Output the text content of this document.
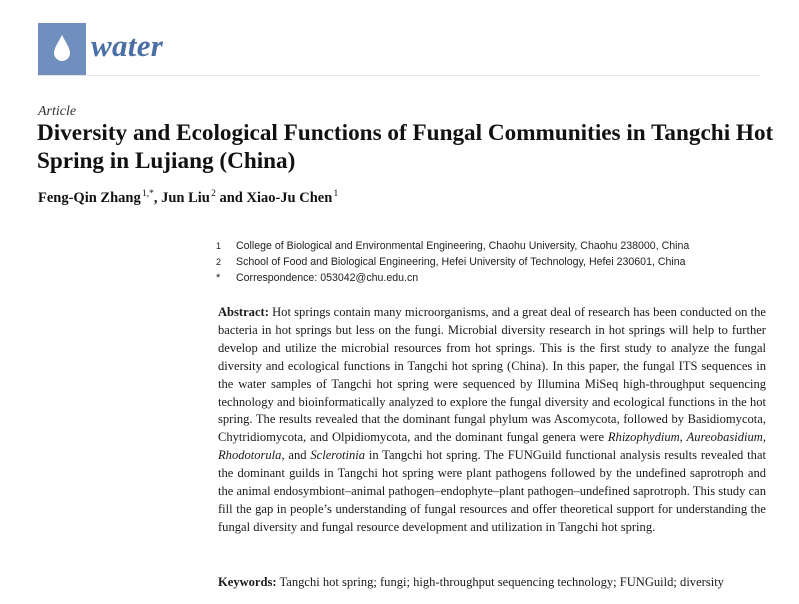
water
Article
Diversity and Ecological Functions of Fungal Communities in Tangchi Hot Spring in Lujiang (China)
Feng-Qin Zhang $^{1,*}$, Jun Liu $^2$ and Xiao-Ju Chen $^1$
1	College of Biological and Environmental Engineering, Chaohu University, Chaohu 238000, China
2	School of Food and Biological Engineering, Hefei University of Technology, Hefei 230601, China
*	Correspondence: 053042@chu.edu.cn
Abstract: Hot springs contain many microorganisms, and a great deal of research has been conducted on the bacteria in hot springs but less on the fungi. Microbial diversity research in hot springs will help to further develop and utilize the microbial resources from hot springs. This is the first study to analyze the fungal diversity and ecological functions in Tangchi hot spring (China). In this paper, the fungal ITS sequences in the water samples of Tangchi hot spring were sequenced by Illumina MiSeq high-throughput sequencing technology and bioinformatically analyzed to explore the fungal diversity and ecological functions in the hot spring. The results revealed that the dominant fungal phylum was Ascomycota, followed by Basidiomycota, Chytridiomycota, and Olpidiomycota, and the dominant fungal genera were Rhizophydium, Aureobasidium, Rhodotorula, and Sclerotinia in Tangchi hot spring. The FUNGuild functional analysis results revealed that the dominant guilds in Tangchi hot spring were plant pathogens followed by the undefined saprotroph and the animal endosymbiont–animal pathogen–endophyte–plant pathogen–undefined saprotroph. This study can fill the gap in people’s understanding of fungal resources and offer theoretical support for understanding the fungal diversity and fungal resource development and utilization in Tangchi hot spring.
Keywords: Tangchi hot spring; fungi; high-throughput sequencing technology; FUNGuild; diversity
